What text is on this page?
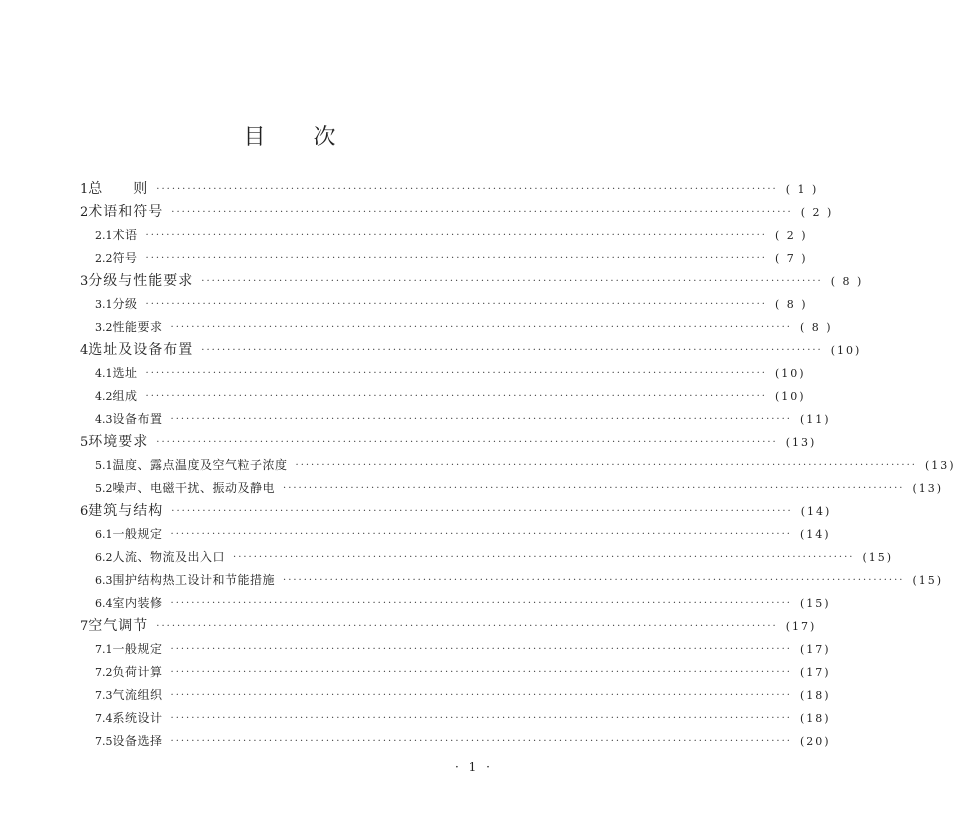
目 次
1 总　　则 ························································································································ ( 1 )
2 术语和符号 ························································································································ ( 2 )
2.1 术语 ························································································································ ( 2 )
2.2 符号 ························································································································ ( 7 )
3 分级与性能要求 ························································································································ ( 8 )
3.1 分级 ························································································································ ( 8 )
3.2 性能要求 ························································································································ ( 8 )
4 选址及设备布置 ························································································································ (10)
4.1 选址 ························································································································ (10)
4.2 组成 ························································································································ (10)
4.3 设备布置 ························································································································ (11)
5 环境要求 ························································································································ (13)
5.1 温度、露点温度及空气粒子浓度 ························································································································ (13)
5.2 噪声、电磁干扰、振动及静电 ························································································································ (13)
6 建筑与结构 ························································································································ (14)
6.1 一般规定 ························································································································ (14)
6.2 人流、物流及出入口 ························································································································ (15)
6.3 围护结构热工设计和节能措施 ························································································································ (15)
6.4 室内装修 ························································································································ (15)
7 空气调节 ························································································································ (17)
7.1 一般规定 ························································································································ (17)
7.2 负荷计算 ························································································································ (17)
7.3 气流组织 ························································································································ (18)
7.4 系统设计 ························································································································ (18)
7.5 设备选择 ························································································································ (20)
· 1 ·
